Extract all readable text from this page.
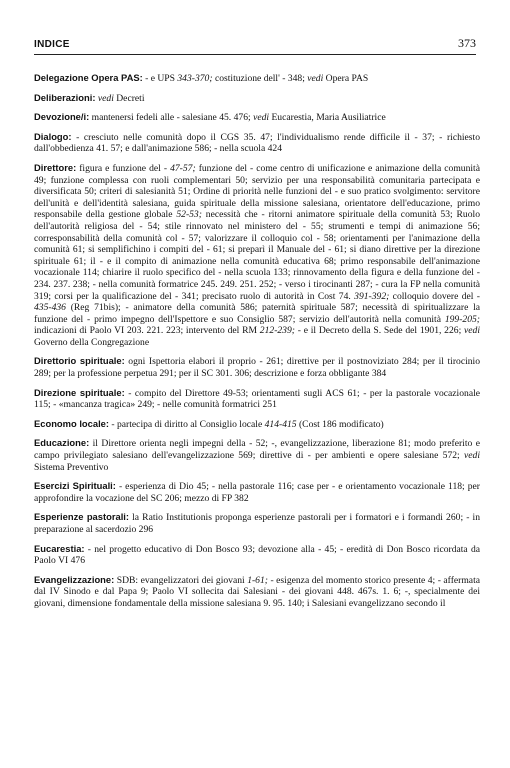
INDICE	373

Delegazione Opera PAS: - e UPS 343-370; costituzione dell' - 348; vedi Opera PAS

Deliberazioni: vedi Decreti

Devozione/i: mantenersi fedeli alle - salesiane 45. 476; vedi Eucarestia, Maria Ausiliatrice

Dialogo: - cresciuto nelle comunità dopo il CGS 35. 47; l'individualismo rende difficile il - 37; - richiesto dall'obbedienza 41. 57; e dall'animazione 586; - nella scuola 424

Direttore: figura e funzione del - 47-57; funzione del - come centro di unificazione e animazione della comunità 49; funzione complessa con ruoli complementari 50; servizio per una responsabilità comunitaria partecipata e diversificata 50; criteri di salesianità 51; Ordine di priorità nelle funzioni del - e suo pratico svolgimento: servitore dell'unità e dell'identità salesiana, guida spirituale della missione salesiana, orientatore dell'educazione, primo responsabile della gestione globale 52-53; necessità che - ritorni animatore spirituale della comunità 53; Ruolo dell'autorità religiosa del - 54; stile rinnovato nel ministero del - 55; strumenti e tempi di animazione 56; corresponsabilità della comunità col - 57; valorizzare il colloquio col - 58; orientamenti per l'animazione della comunità 61; si semplifichino i compiti del - 61; si preparì il Manuale del - 61; si diano direttive per la direzione spirituale 61; il - e il compito di animazione nella comunità educativa 68; primo responsabile dell'animazione vocazionale 114; chiarire il ruolo specifico del - nella scuola 133; rinnovamento della figura e della funzione del - 234. 237. 238; - nella comunità formatrice 245. 249. 251. 252; - verso i tirocinanti 287; - cura la FP nella comunità 319; corsi per la qualificazione del - 341; precisato ruolo di autorità in Cost 74. 391-392; colloquio dovere del - 435-436 (Reg 71bis); - animatore della comunità 586; paternità spirituale 587; necessità di spiritualizzare la funzione del - primo impegno dell'Ispettore e suo Consiglio 587; servizio dell'autorità nella comunità 199-205; indicazioni di Paolo VI 203. 221. 223; intervento del RM 212-239; - e il Decreto della S. Sede del 1901, 226; vedi Governo della Congregazione

Direttorio spirituale: ogni Ispettoria elabori il proprio - 261; direttive per il postnoviziato 284; per il tirocinio 289; per la professione perpetua 291; per il SC 301. 306; descrizione e forza obbligante 384

Direzione spirituale: - compito del Direttore 49-53; orientamenti sugli ACS 61; - per la pastorale vocazionale 115; - «mancanza tragica» 249; - nelle comunità formatrici 251

Economo locale: - partecipa di diritto al Consiglio locale 414-415 (Cost 186 modificato)

Educazione: il Direttore orienta negli impegni della - 52; -, evangelizzazione, liberazione 81; modo preferito e campo privilegiato salesiano dell'evangelizzazione 569; direttive di - per ambienti e opere salesiane 572; vedi Sistema Preventivo

Esercizi Spirituali: - esperienza di Dio 45; - nella pastorale 116; case per - e orientamento vocazionale 118; per approfondire la vocazione del SC 206; mezzo di FP 382

Esperienze pastorali: la Ratio Institutionis proponga esperienze pastorali per i formatori e i formandi 260; - in preparazione al sacerdozio 296

Eucarestia: - nel progetto educativo di Don Bosco 93; devozione alla - 45; - eredità di Don Bosco ricordata da Paolo VI 476

Evangelizzazione: SDB: evangelizzatori dei giovani 1-61; - esigenza del momento storico presente 4; - affermata dal IV Sinodo e dal Papa 9; Paolo VI sollecita dai Salesiani - dei giovani 448. 467s. 1. 6; -, specialmente dei giovani, dimensione fondamentale della missione salesiana 9. 95. 140; i Salesiani evangelizzano secondo il
